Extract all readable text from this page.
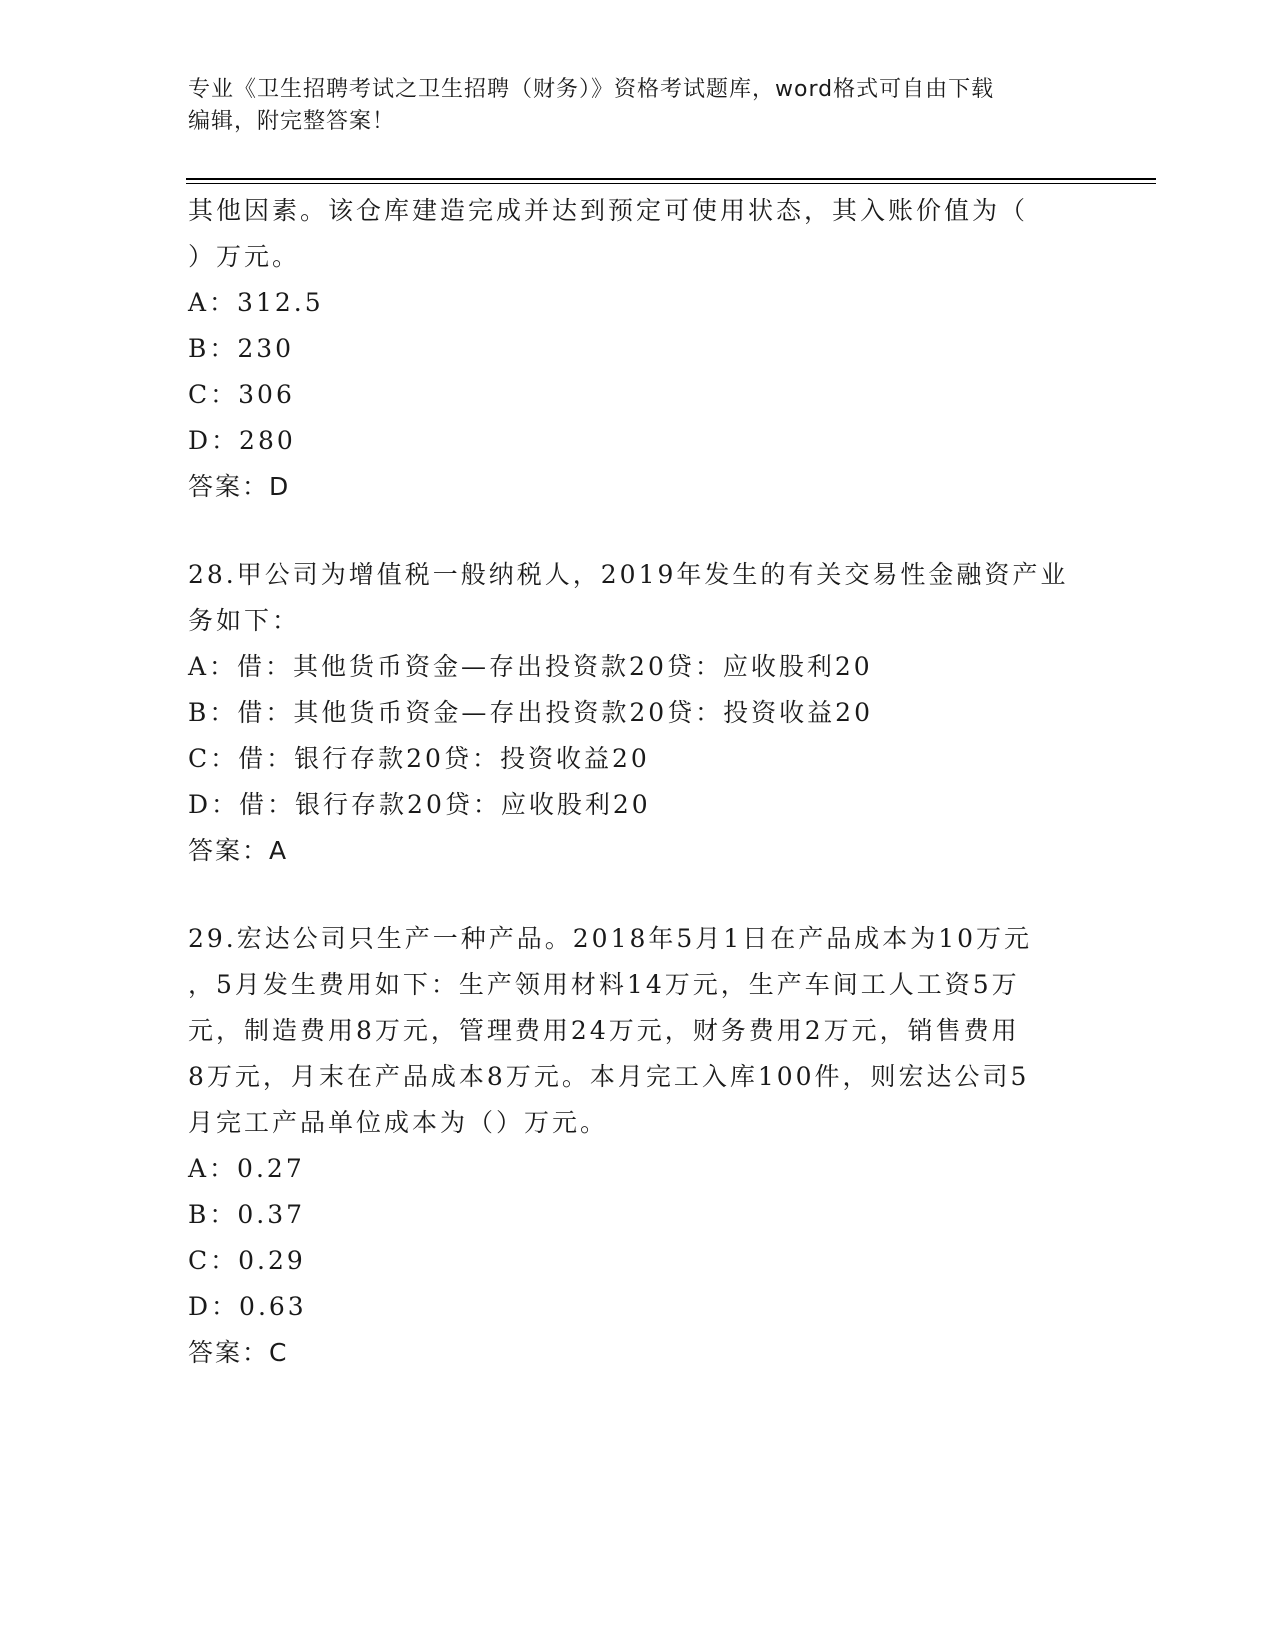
专业《卫生招聘考试之卫生招聘（财务）》资格考试题库，word格式可自由下载
编辑，附完整答案！
其他因素。该仓库建造完成并达到预定可使用状态，其入账价值为（
）万元。
A：312.5
B：230
C：306
D：280
答案：D
28.甲公司为增值税一般纳税人，2019年发生的有关交易性金融资产业
务如下：
A：借：其他货币资金—存出投资款20贷：应收股利20
B：借：其他货币资金—存出投资款20贷：投资收益20
C：借：银行存款20贷：投资收益20
D：借：银行存款20贷：应收股利20
答案：A
29.宏达公司只生产一种产品。2018年5月1日在产品成本为10万元
，5月发生费用如下：生产领用材料14万元，生产车间工人工资5万
元，制造费用8万元，管理费用24万元，财务费用2万元，销售费用
8万元，月末在产品成本8万元。本月完工入库100件，则宏达公司5
月完工产品单位成本为（）万元。
A：0.27
B：0.37
C：0.29
D：0.63
答案：C
